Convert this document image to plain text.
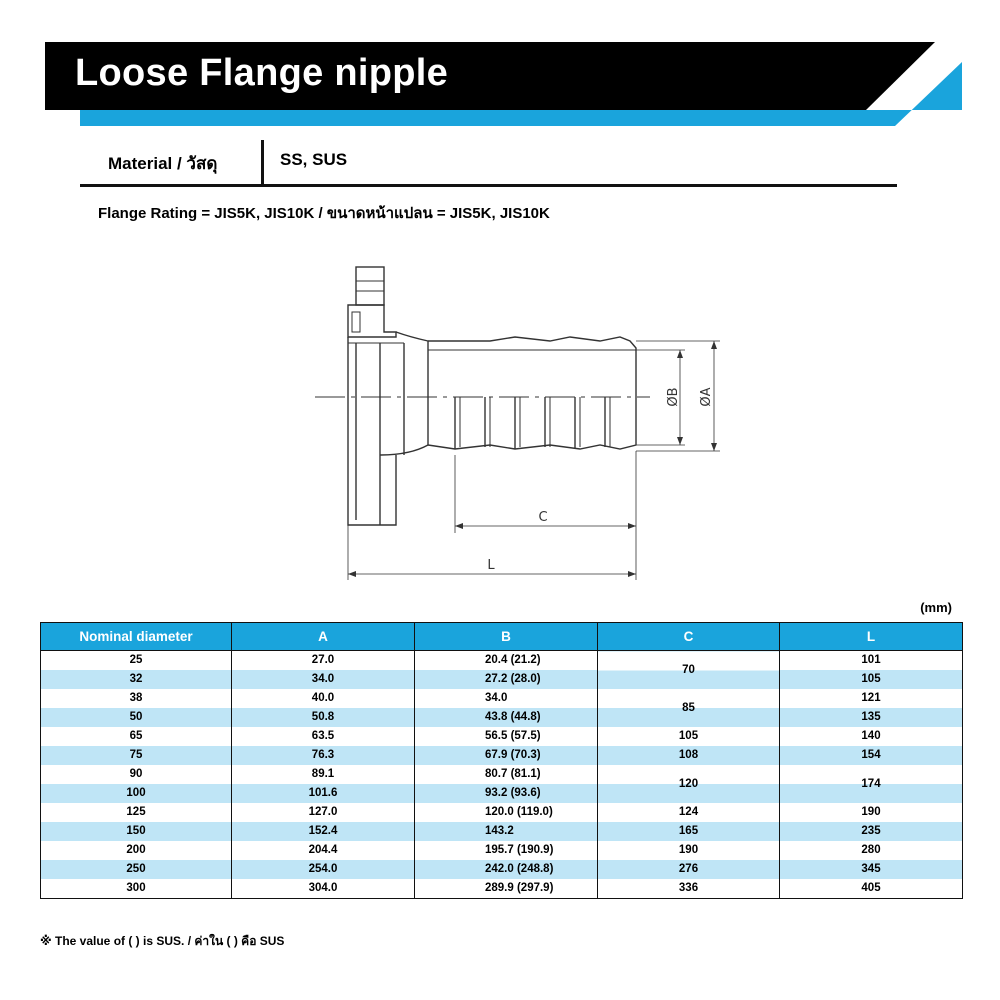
Loose Flange nipple
Material / วัสดุ	SS, SUS
Flange Rating = JIS5K, JIS10K / ขนาดหน้าแปลน = JIS5K, JIS10K
ØB ØA
C
L
(mm)
Nominal diameter	A	B	C	L
25	27.0	20.4 (21.2)	70	101
32	34.0	27.2 (28.0)		105
38	40.0	34.0	85	121
50	50.8	43.8 (44.8)		135
65	63.5	56.5 (57.5)	105	140
75	76.3	67.9 (70.3)	108	154
90	89.1	80.7 (81.1)	120	174
100	101.6	93.2 (93.6)		
125	127.0	120.0 (119.0)	124	190
150	152.4	143.2	165	235
200	204.4	195.7 (190.9)	190	280
250	254.0	242.0 (248.8)	276	345
300	304.0	289.9 (297.9)	336	405
※ The value of ( ) is SUS. / ค่าใน ( ) คือ SUS
